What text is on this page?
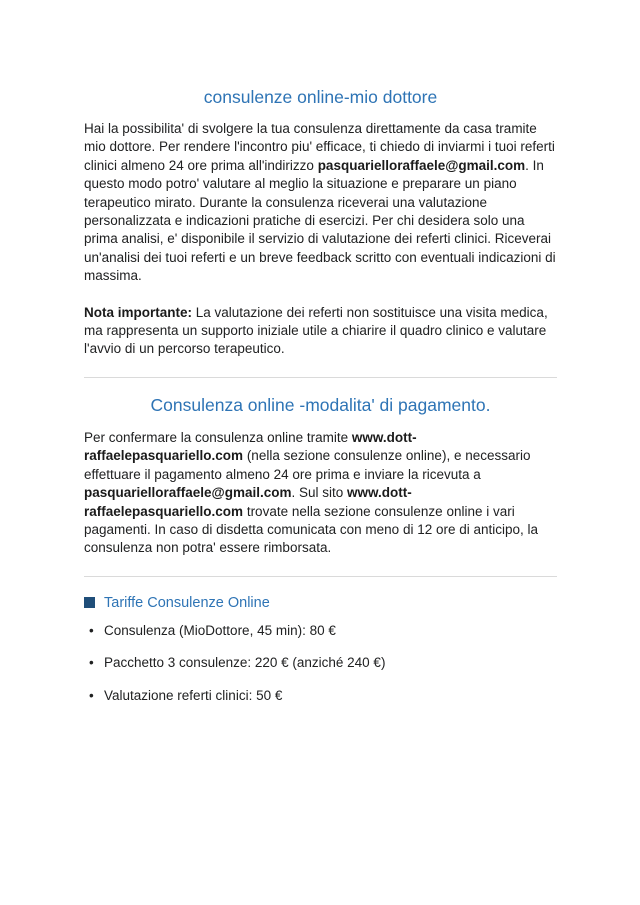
consulenze online-mio dottore

Hai la possibilita' di svolgere la tua consulenza direttamente da casa tramite mio dottore. Per rendere l'incontro piu' efficace, ti chiedo di inviarmi i tuoi referti clinici almeno 24 ore prima all'indirizzo pasquarielloraffaele@gmail.com. In questo modo potro' valutare al meglio la situazione e preparare un piano terapeutico mirato. Durante la consulenza riceverai una valutazione personalizzata e indicazioni pratiche di esercizi. Per chi desidera solo una prima analisi, e' disponibile il servizio di valutazione dei referti clinici. Riceverai un'analisi dei tuoi referti e un breve feedback scritto con eventuali indicazioni di massima.

Nota importante: La valutazione dei referti non sostituisce una visita medica, ma rappresenta un supporto iniziale utile a chiarire il quadro clinico e valutare l'avvio di un percorso terapeutico.

Consulenza online -modalita' di pagamento.

Per confermare la consulenza online tramite www.dott-raffaelepasquariello.com (nella sezione consulenze online), e necessario effettuare il pagamento almeno 24 ore prima e inviare la ricevuta a pasquarielloraffaele@gmail.com. Sul sito www.dott-raffaelepasquariello.com trovate nella sezione consulenze online i vari pagamenti. In caso di disdetta comunicata con meno di 12 ore di anticipo, la consulenza non potra' essere rimborsata.

Tariffe Consulenze Online
• Consulenza (MioDottore, 45 min): 80 €
• Pacchetto 3 consulenze: 220 € (anziché 240 €)
• Valutazione referti clinici: 50 €
